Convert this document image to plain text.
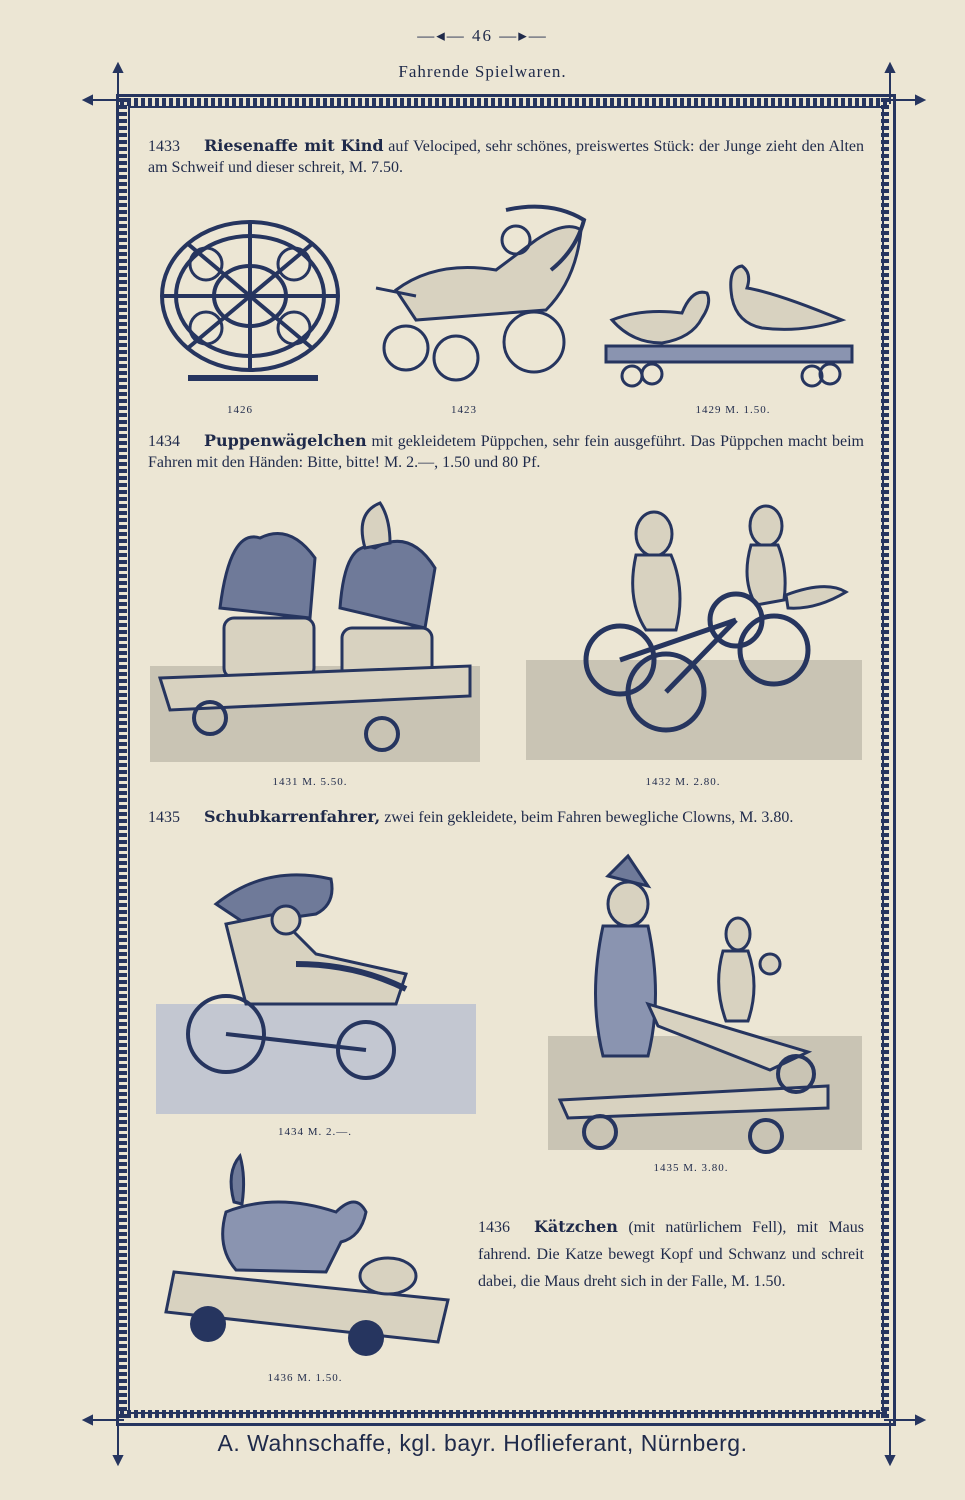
—◂— 46 —▸—
Fahrende Spielwaren.
1433 Riesenaffe mit Kind auf Velociped, sehr schönes, preiswertes Stück: der Junge zieht den Alten am Schweif und dieser schreit, M. 7.50.
1426	1423	1429 M. 1.50.
1434 Puppenwägelchen mit gekleidetem Püppchen, sehr fein ausgeführt. Das Püppchen macht beim Fahren mit den Händen: Bitte, bitte! M. 2.—, 1.50 und 80 Pf.
1431 M. 5.50.	1432 M. 2.80.
1435 Schubkarrenfahrer, zwei fein gekleidete, beim Fahren bewegliche Clowns, M. 3.80.
1434 M. 2.—.
1435 M. 3.80.
1436 M. 1.50.
1436 Kätzchen (mit natürlichem Fell), mit Maus fahrend. Die Katze bewegt Kopf und Schwanz und schreit dabei, die Maus dreht sich in der Falle, M. 1.50.
A. Wahnschaffe, kgl. bayr. Hoflieferant, Nürnberg.
